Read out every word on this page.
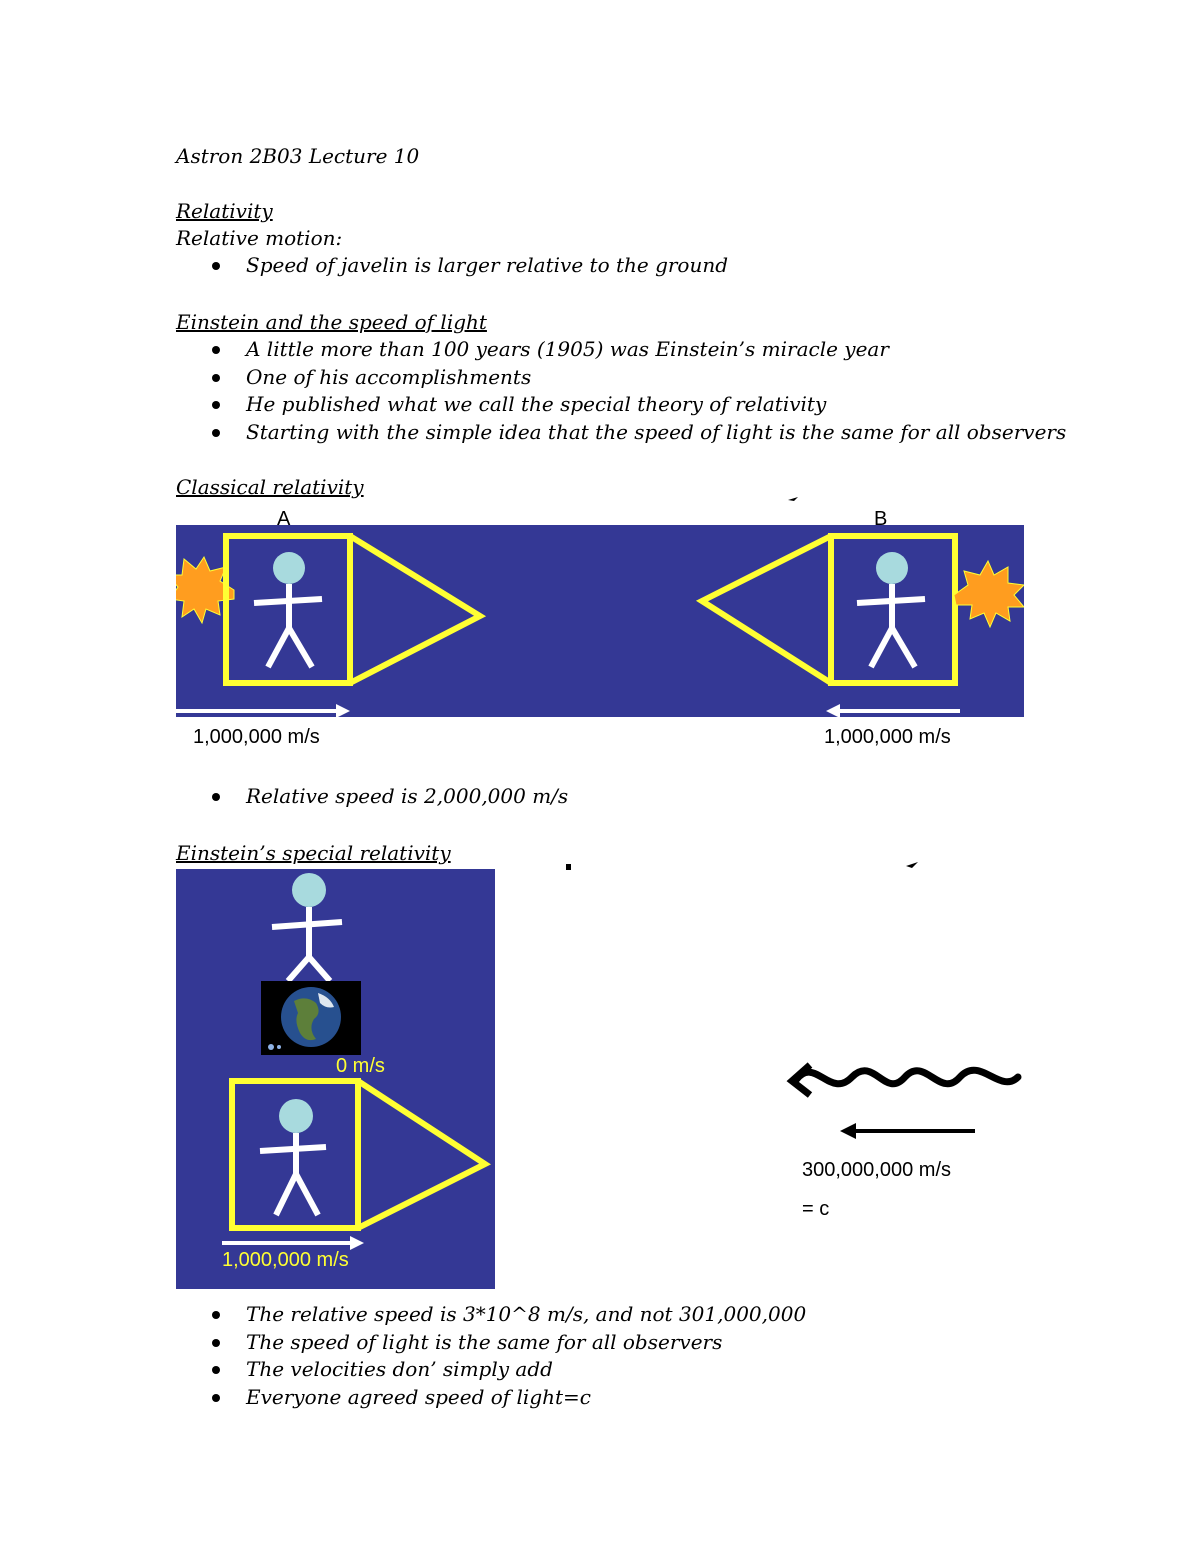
Astron 2B03 Lecture 10
Relativity
Relative motion:
Speed of javelin is larger relative to the ground
Einstein and the speed of light
A little more than 100 years (1905) was Einstein’s miracle year
One of his accomplishments
He published what we call the special theory of relativity
Starting with the simple idea that the speed of light is the same for all observers
Classical relativity
A	B
1,000,000 m/s	1,000,000 m/s
Relative speed is 2,000,000 m/s
Einstein’s special relativity
0 m/s
1,000,000 m/s
300,000,000 m/s
= c
The relative speed is 3*10^8 m/s, and not 301,000,000
The speed of light is the same for all observers
The velocities don’ simply add
Everyone agreed speed of light=c
